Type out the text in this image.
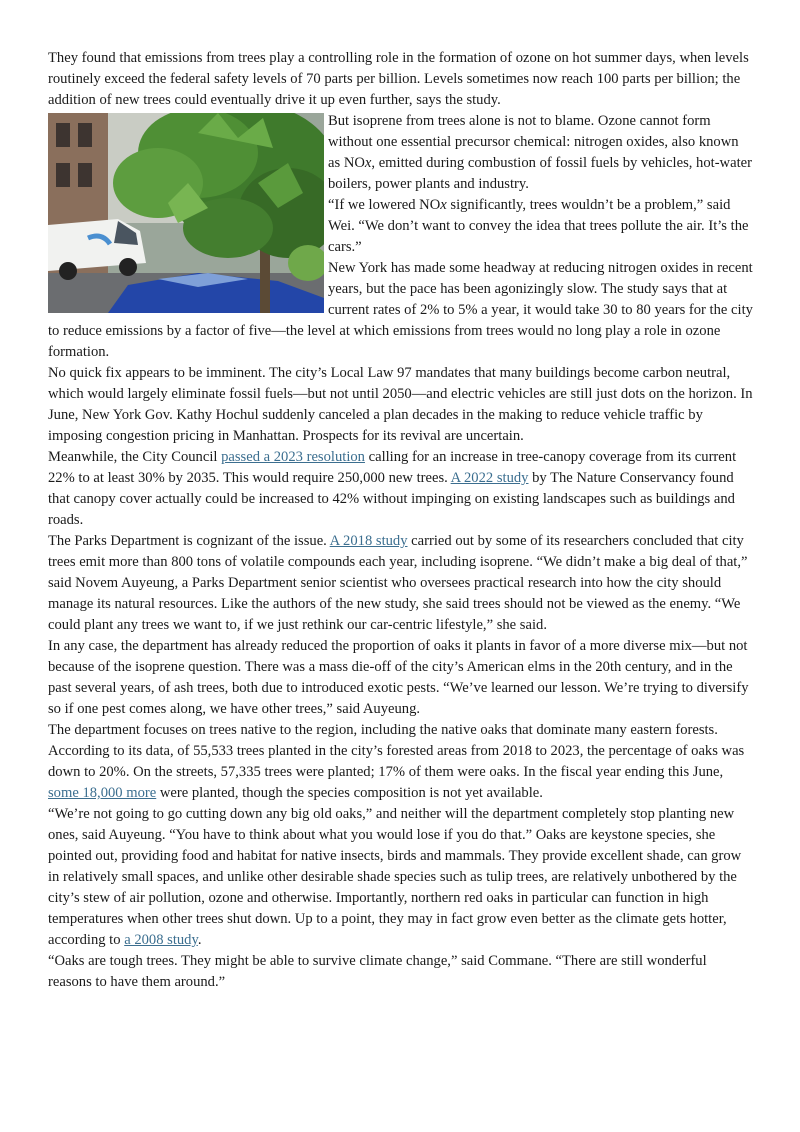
They found that emissions from trees play a controlling role in the formation of ozone on hot summer days, when levels routinely exceed the federal safety levels of 70 parts per billion. Levels sometimes now reach 100 parts per billion; the addition of new trees could eventually drive it up even further, says the study.

But isoprene from trees alone is not to blame. Ozone cannot form without one essential precursor chemical: nitrogen oxides, also known as NOx, emitted during combustion of fossil fuels by vehicles, hot-water boilers, power plants and industry.

“If we lowered NOx significantly, trees wouldn’t be a problem,” said Wei. “We don’t want to convey the idea that trees pollute the air. It’s the cars.”

New York has made some headway at reducing nitrogen oxides in recent years, but the pace has been agonizingly slow. The study says that at current rates of 2% to 5% a year, it would take 30 to 80 years for the city to reduce emissions by a factor of five—the level at which emissions from trees would no long play a role in ozone formation.

No quick fix appears to be imminent. The city’s Local Law 97 mandates that many buildings become carbon neutral, which would largely eliminate fossil fuels—but not until 2050—and electric vehicles are still just dots on the horizon. In June, New York Gov. Kathy Hochul suddenly canceled a plan decades in the making to reduce vehicle traffic by imposing congestion pricing in Manhattan. Prospects for its revival are uncertain.

Meanwhile, the City Council passed a 2023 resolution calling for an increase in tree-canopy coverage from its current 22% to at least 30% by 2035. This would require 250,000 new trees. A 2022 study by The Nature Conservancy found that canopy cover actually could be increased to 42% without impinging on existing landscapes such as buildings and roads.

The Parks Department is cognizant of the issue. A 2018 study carried out by some of its researchers concluded that city trees emit more than 800 tons of volatile compounds each year, including isoprene. “We didn’t make a big deal of that,” said Novem Auyeung, a Parks Department senior scientist who oversees practical research into how the city should manage its natural resources. Like the authors of the new study, she said trees should not be viewed as the enemy. “We could plant any trees we want to, if we just rethink our car-centric lifestyle,” she said.

In any case, the department has already reduced the proportion of oaks it plants in favor of a more diverse mix—but not because of the isoprene question. There was a mass die-off of the city’s American elms in the 20th century, and in the past several years, of ash trees, both due to introduced exotic pests. “We’ve learned our lesson. We’re trying to diversify so if one pest comes along, we have other trees,” said Auyeung.

The department focuses on trees native to the region, including the native oaks that dominate many eastern forests. According to its data, of 55,533 trees planted in the city’s forested areas from 2018 to 2023, the percentage of oaks was down to 20%. On the streets, 57,335 trees were planted; 17% of them were oaks. In the fiscal year ending this June, some 18,000 more were planted, though the species composition is not yet available.

“We’re not going to go cutting down any big old oaks,” and neither will the department completely stop planting new ones, said Auyeung. “You have to think about what you would lose if you do that.” Oaks are keystone species, she pointed out, providing food and habitat for native insects, birds and mammals. They provide excellent shade, can grow in relatively small spaces, and unlike other desirable shade species such as tulip trees, are relatively unbothered by the city’s stew of air pollution, ozone and otherwise. Importantly, northern red oaks in particular can function in high temperatures when other trees shut down. Up to a point, they may in fact grow even better as the climate gets hotter, according to a 2008 study.

“Oaks are tough trees. They might be able to survive climate change,” said Commane. “There are still wonderful reasons to have them around.”
